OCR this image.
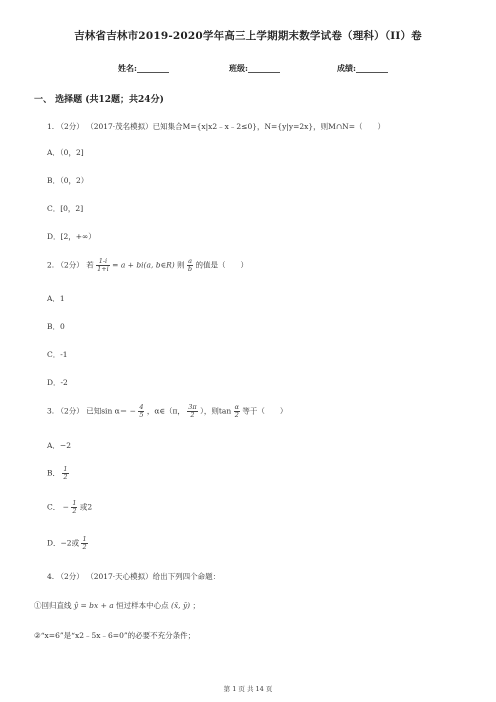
吉林省吉林市2019-2020学年高三上学期期末数学试卷（理科）（II）卷
姓名:________	班级:________	成绩:________
一、 选择题 (共12题；共24分)
1. （2分） （2017·茂名模拟）已知集合M={x|x2﹣x﹣2≤0}，N={y|y=2x}，则M∩N=（　　）
A．（0，2]
B．（0，2）
C．[0，2]
D．[2，+∞）
2. （2分） 若 $\frac{1-i}{1+i} = a + bi(a$, b∈R) 则 $\frac{a}{b}$ 的值是（　　）
A．1
B．0
C．-1
D．-2
3. （2分） 已知$\sin \alpha= - \frac{4}{5}$ ，α∈（π， $\frac{3\pi}{2}$ ），则$\tan \frac{\alpha}{2}$ 等于（　　）
A．−2
B． $\frac{1}{2}$
C． − $\frac{1}{2}$ 或2
D．−2或 $\frac{1}{2}$
4. （2分） （2017·天心模拟）给出下列四个命题：
①回归直线 ŷ = bx + a 恒过样本中心点 (x̄, ȳ) ；
②“x=6”是“x2﹣5x﹣6=0”的必要不充分条件；
第 1 页 共 14 页
